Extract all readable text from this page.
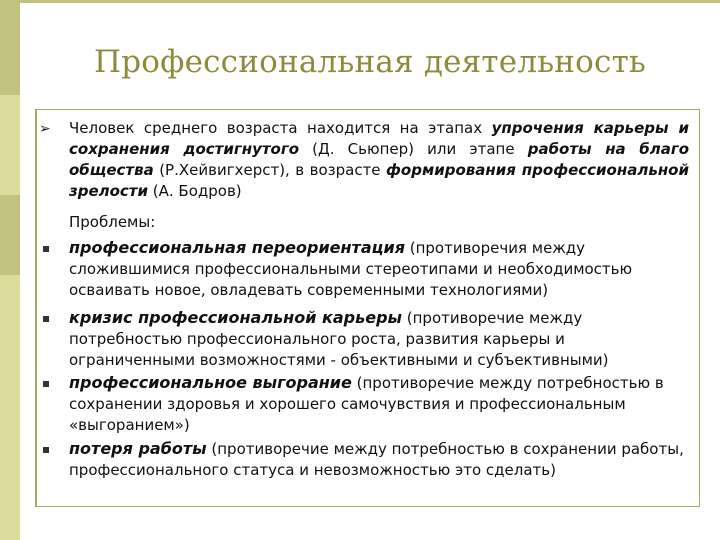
Профессиональная деятельность
➢ Человек среднего возраста находится на этапах упрочения карьеры и сохранения достигнутого (Д. Сьюпер) или этапе работы на благо общества (Р.Хейвигхерст), в возрасте формирования профессиональной зрелости (А. Бодров)
Проблемы:
профессиональная переориентация (противоречия между сложившимися профессиональными стереотипами и необходимостью осваивать новое, овладевать современными технологиями)
кризис профессиональной карьеры (противоречие между потребностью профессионального роста, развития карьеры и ограниченными возможностями - объективными и субъективными)
профессиональное выгорание (противоречие между потребностью в сохранении здоровья и хорошего самочувствия и профессиональным «выгоранием»)
потеря работы (противоречие между потребностью в сохранении работы, профессионального статуса и невозможностью это сделать)
